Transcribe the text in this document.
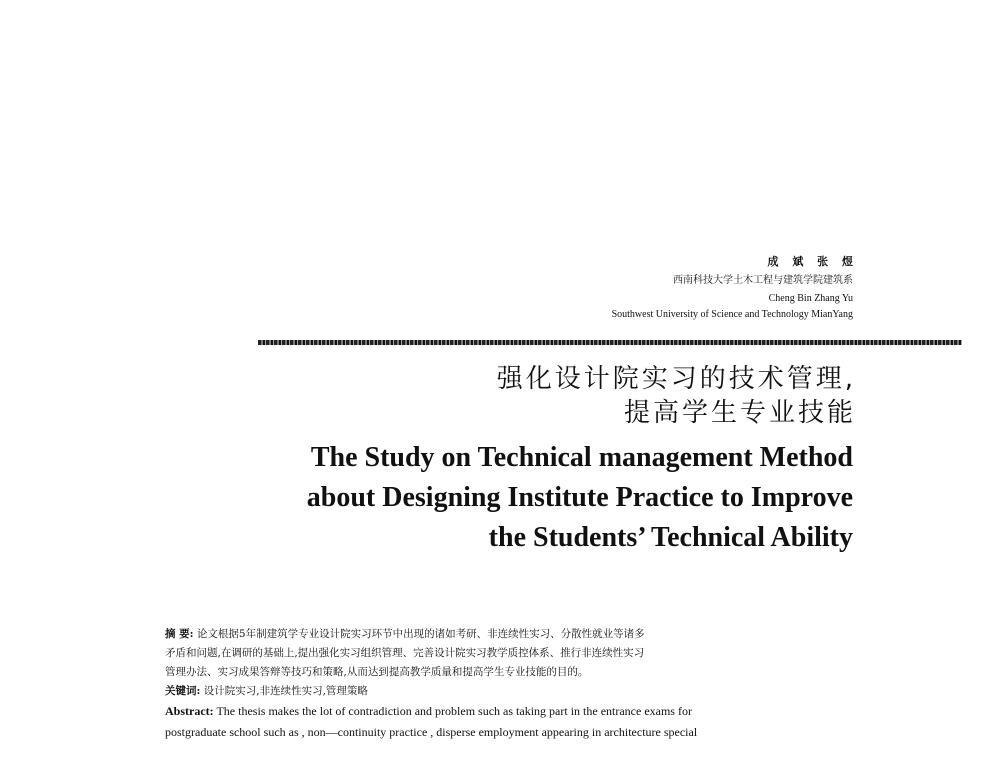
成 斌 张 煜
西南科技大学土木工程与建筑学院建筑系
Cheng Bin Zhang Yu
Southwest University of Science and Technology MianYang
强化设计院实习的技术管理,
提高学生专业技能
The Study on Technical management Method
about Designing Institute Practice to Improve
the Students’ Technical Ability
摘 要: 论文根据5年制建筑学专业设计院实习环节中出现的诸如考研、非连续性实习、分散性就业等诸多
矛盾和问题,在调研的基础上,提出强化实习组织管理、完善设计院实习教学质控体系、推行非连续性实习
管理办法、实习成果答辩等技巧和策略,从而达到提高教学质量和提高学生专业技能的目的。
关键词: 设计院实习,非连续性实习,管理策略
Abstract: The thesis makes the lot of contradiction and problem such as taking part in the entrance exams for
postgraduate school such as , non—continuity practice , disperse employment appearing in architecture special
